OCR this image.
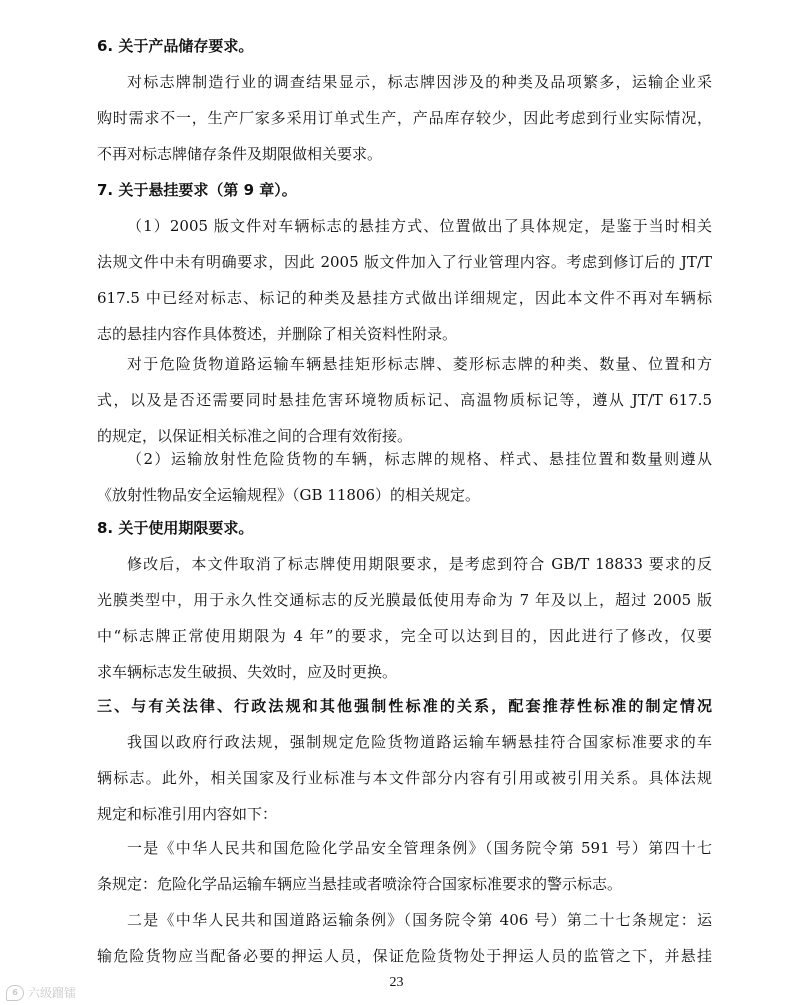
6. 关于产品储存要求。
对标志牌制造行业的调查结果显示，标志牌因涉及的种类及品项繁多，运输企业采
购时需求不一，生产厂家多采用订单式生产，产品库存较少，因此考虑到行业实际情况，
不再对标志牌储存条件及期限做相关要求。
7. 关于悬挂要求（第 9 章）。
（1）2005 版文件对车辆标志的悬挂方式、位置做出了具体规定，是鉴于当时相关
法规文件中未有明确要求，因此 2005 版文件加入了行业管理内容。考虑到修订后的 JT/T
617.5 中已经对标志、标记的种类及悬挂方式做出详细规定，因此本文件不再对车辆标
志的悬挂内容作具体赘述，并删除了相关资料性附录。
对于危险货物道路运输车辆悬挂矩形标志牌、菱形标志牌的种类、数量、位置和方
式，以及是否还需要同时悬挂危害环境物质标记、高温物质标记等，遵从 JT/T 617.5
的规定，以保证相关标准之间的合理有效衔接。
（2）运输放射性危险货物的车辆，标志牌的规格、样式、悬挂位置和数量则遵从
《放射性物品安全运输规程》（GB 11806）的相关规定。
8. 关于使用期限要求。
修改后，本文件取消了标志牌使用期限要求，是考虑到符合 GB/T 18833 要求的反
光膜类型中，用于永久性交通标志的反光膜最低使用寿命为 7 年及以上，超过 2005 版
中“标志牌正常使用期限为 4 年”的要求，完全可以达到目的，因此进行了修改，仅要
求车辆标志发生破损、失效时，应及时更换。
三、与有关法律、行政法规和其他强制性标准的关系，配套推荐性标准的制定情况
我国以政府行政法规，强制规定危险货物道路运输车辆悬挂符合国家标准要求的车
辆标志。此外，相关国家及行业标准与本文件部分内容有引用或被引用关系。具体法规
规定和标准引用内容如下：
一是《中华人民共和国危险化学品安全管理条例》（国务院令第 591 号）第四十七
条规定：危险化学品运输车辆应当悬挂或者喷涂符合国家标准要求的警示标志。
二是《中华人民共和国道路运输条例》（国务院令第 406 号）第二十七条规定：运
输危险货物应当配备必要的押运人员，保证危险货物处于押运人员的监管之下，并悬挂
23
6 六级蹓镭
